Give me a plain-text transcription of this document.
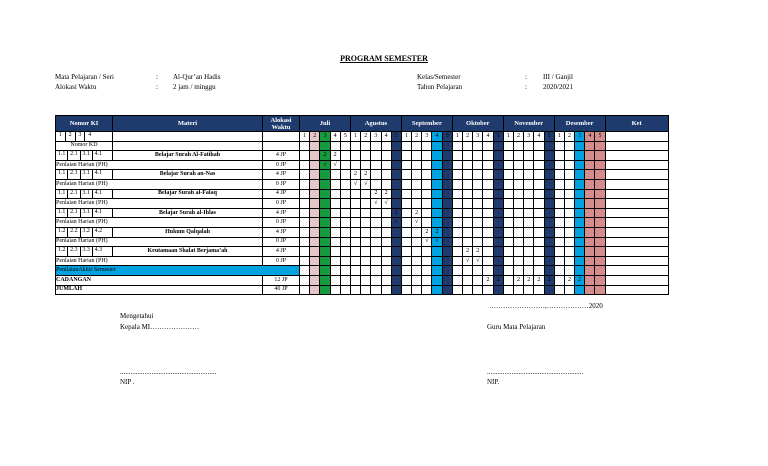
PROGRAM SEMESTER
Mata Pelajaran / Seri	: Al-Qur’an Hadis
Alokasi Waktu	: 2 jam / minggu
Kelas/Semester	: III / Ganjil
Tahun Pelajaran	: 2020/2021
Nomor KI	Materi	Alokasi
Waktu	Juli					Agustus					September					Oktober					November					Desember					Ket

1 2 3 4			1	2	3	4	5	1	2	3	4	5	1	2	3	4	5	1	2	3	4	5	1	2	3	4	5	1	2	3	4	5	
Nomor KD																																	

1.1 2.1 3.1 4.1	Belajar Surah Al-Fatihah	4 JP			2	2																											
Penlaian Harian (PH)		0 JP			√	√																											

1.1 2.1 3.1 4.1	Belajar Surah an-Nas	4 JP						2	2																								
Penlaian Harian (PH)		0 JP						√	√																								

1.1 2.1 3.1 4.1	Belajar Surah al-Falaq	4 JP								2	2																						
Penlaian Harian (PH)		0 JP								√	√																						

1.1 2.1 3.1 4.1	Belajar Surah al-Ihlas	4 JP										2		2																			
Penlaian Harian (PH)		0 JP										√		√																			

1.2 2.2 3.2 4.2	Hukum Qalqalah	4 JP													2	2																	
Penlaian Harian (PH)		0 JP													√	√																	

1.2 2.3 3.3 4.3	Keutamaan Shalat Berjama’ah	4 JP																	2	2													
Penlaian Harian (PH)		0 JP																	√	√													
PenilaianAkhir Semester																																	
CADANGAN		12 JP																			2	2		2	2	2	2		2	2			
JUMLAH		40 JP																															
……………………,………………2020
Mengetahui
Kepala MI…………………	Guru Mata Pelajaran
.......................................................
NIP .
.......................................................
NIP.
